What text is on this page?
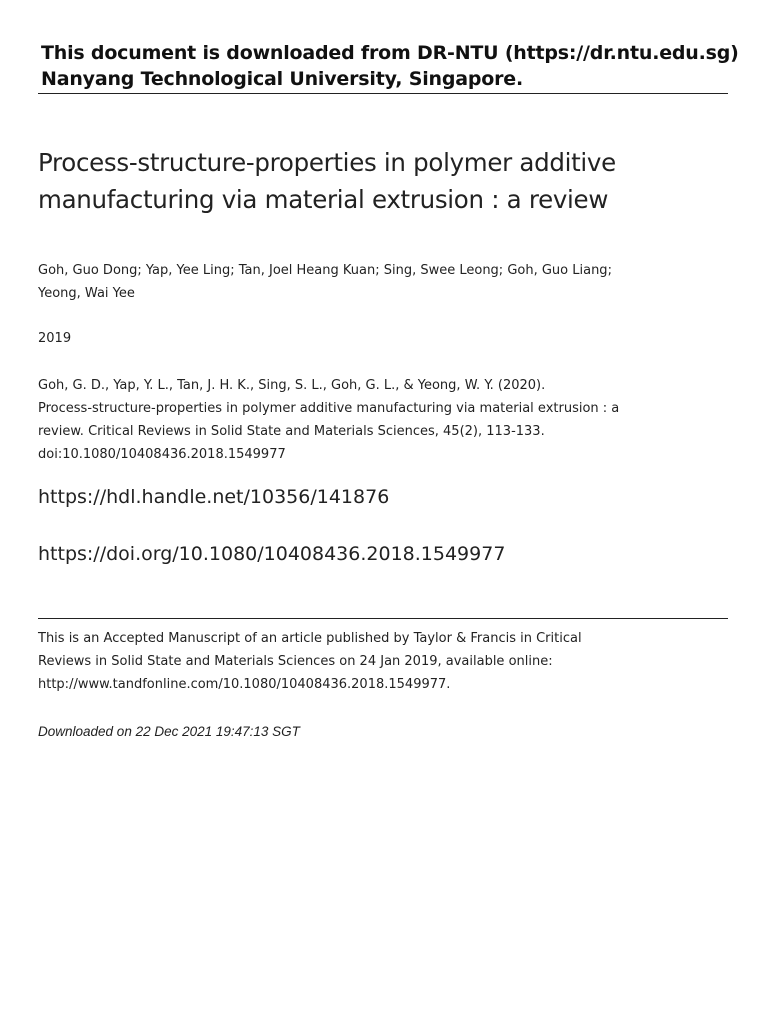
This document is downloaded from DR-NTU (https://dr.ntu.edu.sg)
Nanyang Technological University, Singapore.
Process-structure-properties in polymer additive
manufacturing via material extrusion : a review
Goh, Guo Dong; Yap, Yee Ling; Tan, Joel Heang Kuan; Sing, Swee Leong; Goh, Guo Liang;
Yeong, Wai Yee
2019
Goh, G. D., Yap, Y. L., Tan, J. H. K., Sing, S. L., Goh, G. L., & Yeong, W. Y. (2020).
Process-structure-properties in polymer additive manufacturing via material extrusion : a
review. Critical Reviews in Solid State and Materials Sciences, 45(2), 113-133.
doi:10.1080/10408436.2018.1549977
https://hdl.handle.net/10356/141876
https://doi.org/10.1080/10408436.2018.1549977
This is an Accepted Manuscript of an article published by Taylor & Francis in Critical
Reviews in Solid State and Materials Sciences on 24 Jan 2019, available online:
http://www.tandfonline.com/10.1080/10408436.2018.1549977.
Downloaded on 22 Dec 2021 19:47:13 SGT
